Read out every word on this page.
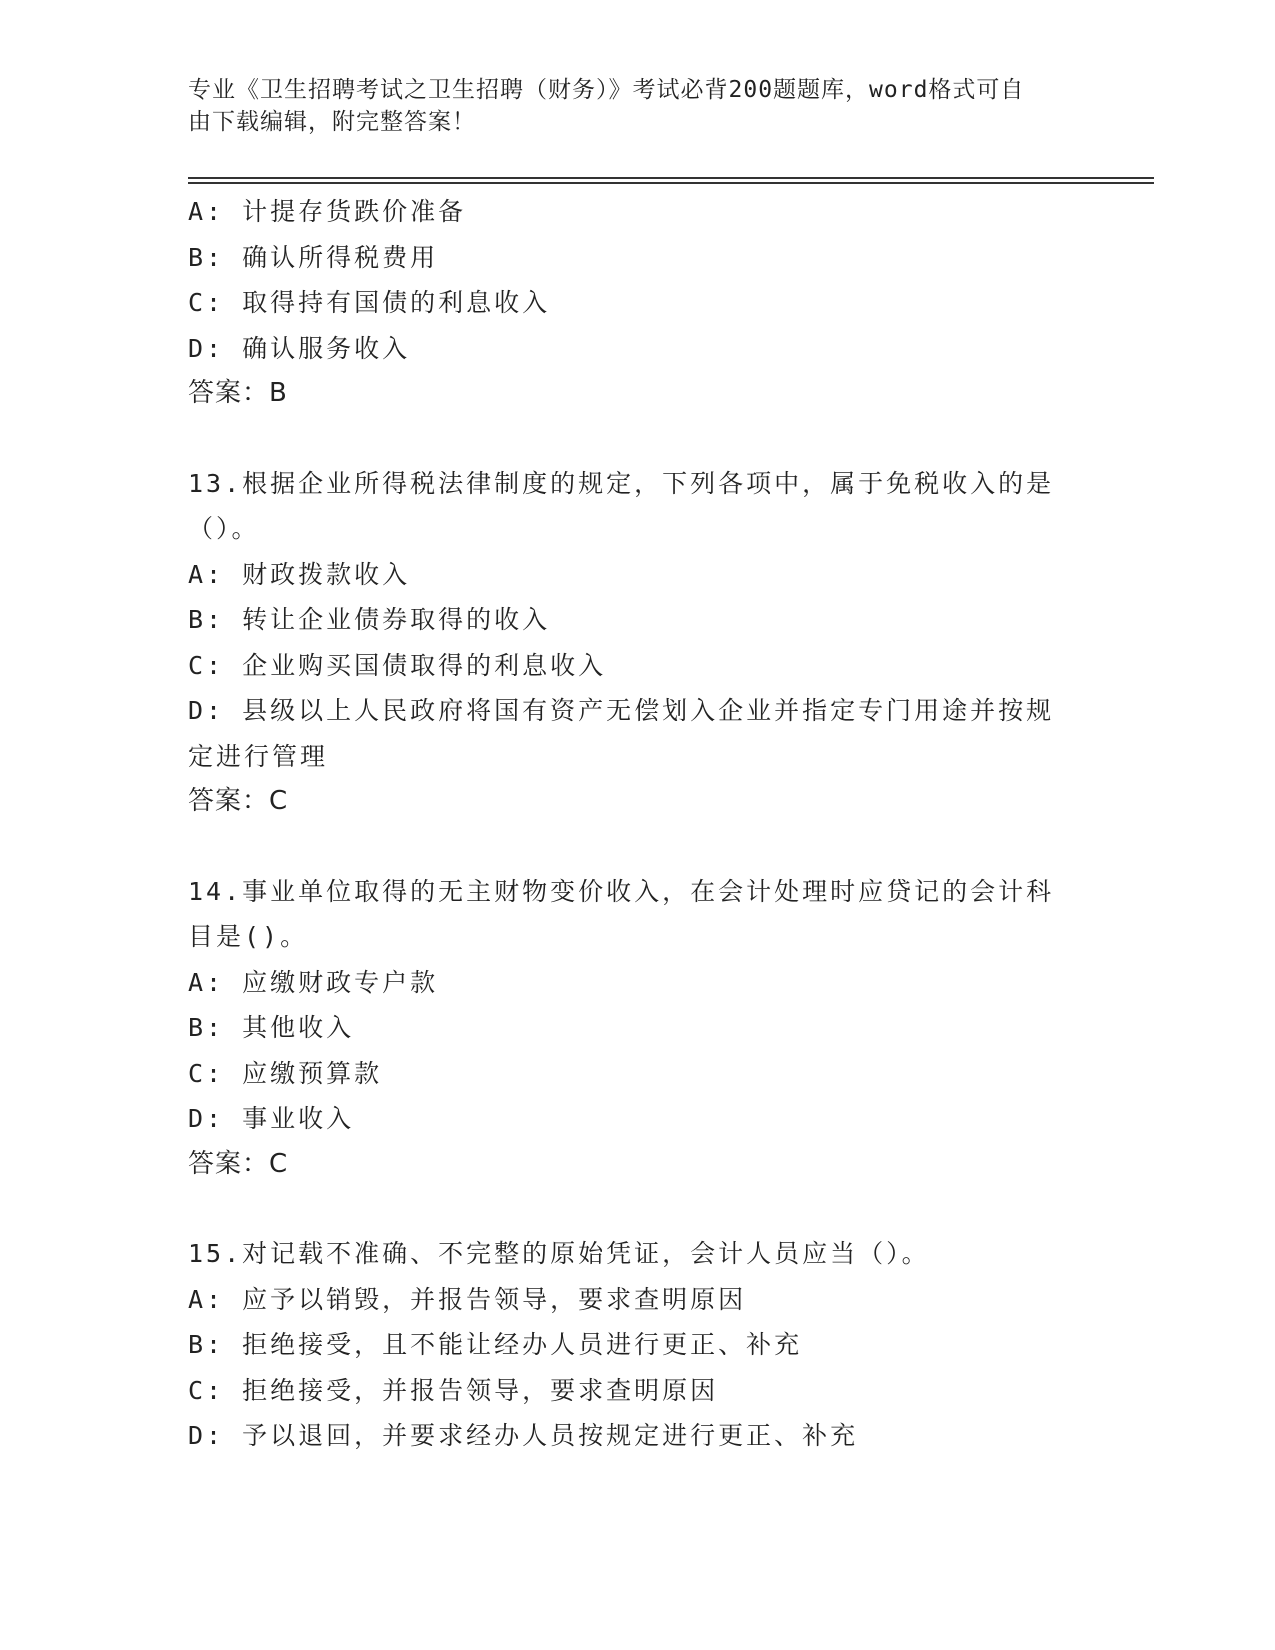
专业《卫生招聘考试之卫生招聘（财务）》考试必背200题题库，word格式可自
由下载编辑，附完整答案！

A: 计提存货跌价准备

B: 确认所得税费用

C: 取得持有国债的利息收入

D: 确认服务收入

答案：B

13.根据企业所得税法律制度的规定，下列各项中，属于免税收入的是

（）。

A: 财政拨款收入

B: 转让企业债券取得的收入

C: 企业购买国债取得的利息收入

D: 县级以上人民政府将国有资产无偿划入企业并指定专门用途并按规

定进行管理

答案：C

14.事业单位取得的无主财物变价收入，在会计处理时应贷记的会计科

目是()。

A: 应缴财政专户款

B: 其他收入

C: 应缴预算款

D: 事业收入

答案：C

15.对记载不准确、不完整的原始凭证，会计人员应当（）。

A: 应予以销毁，并报告领导，要求查明原因

B: 拒绝接受，且不能让经办人员进行更正、补充

C: 拒绝接受，并报告领导，要求查明原因

D: 予以退回，并要求经办人员按规定进行更正、补充
